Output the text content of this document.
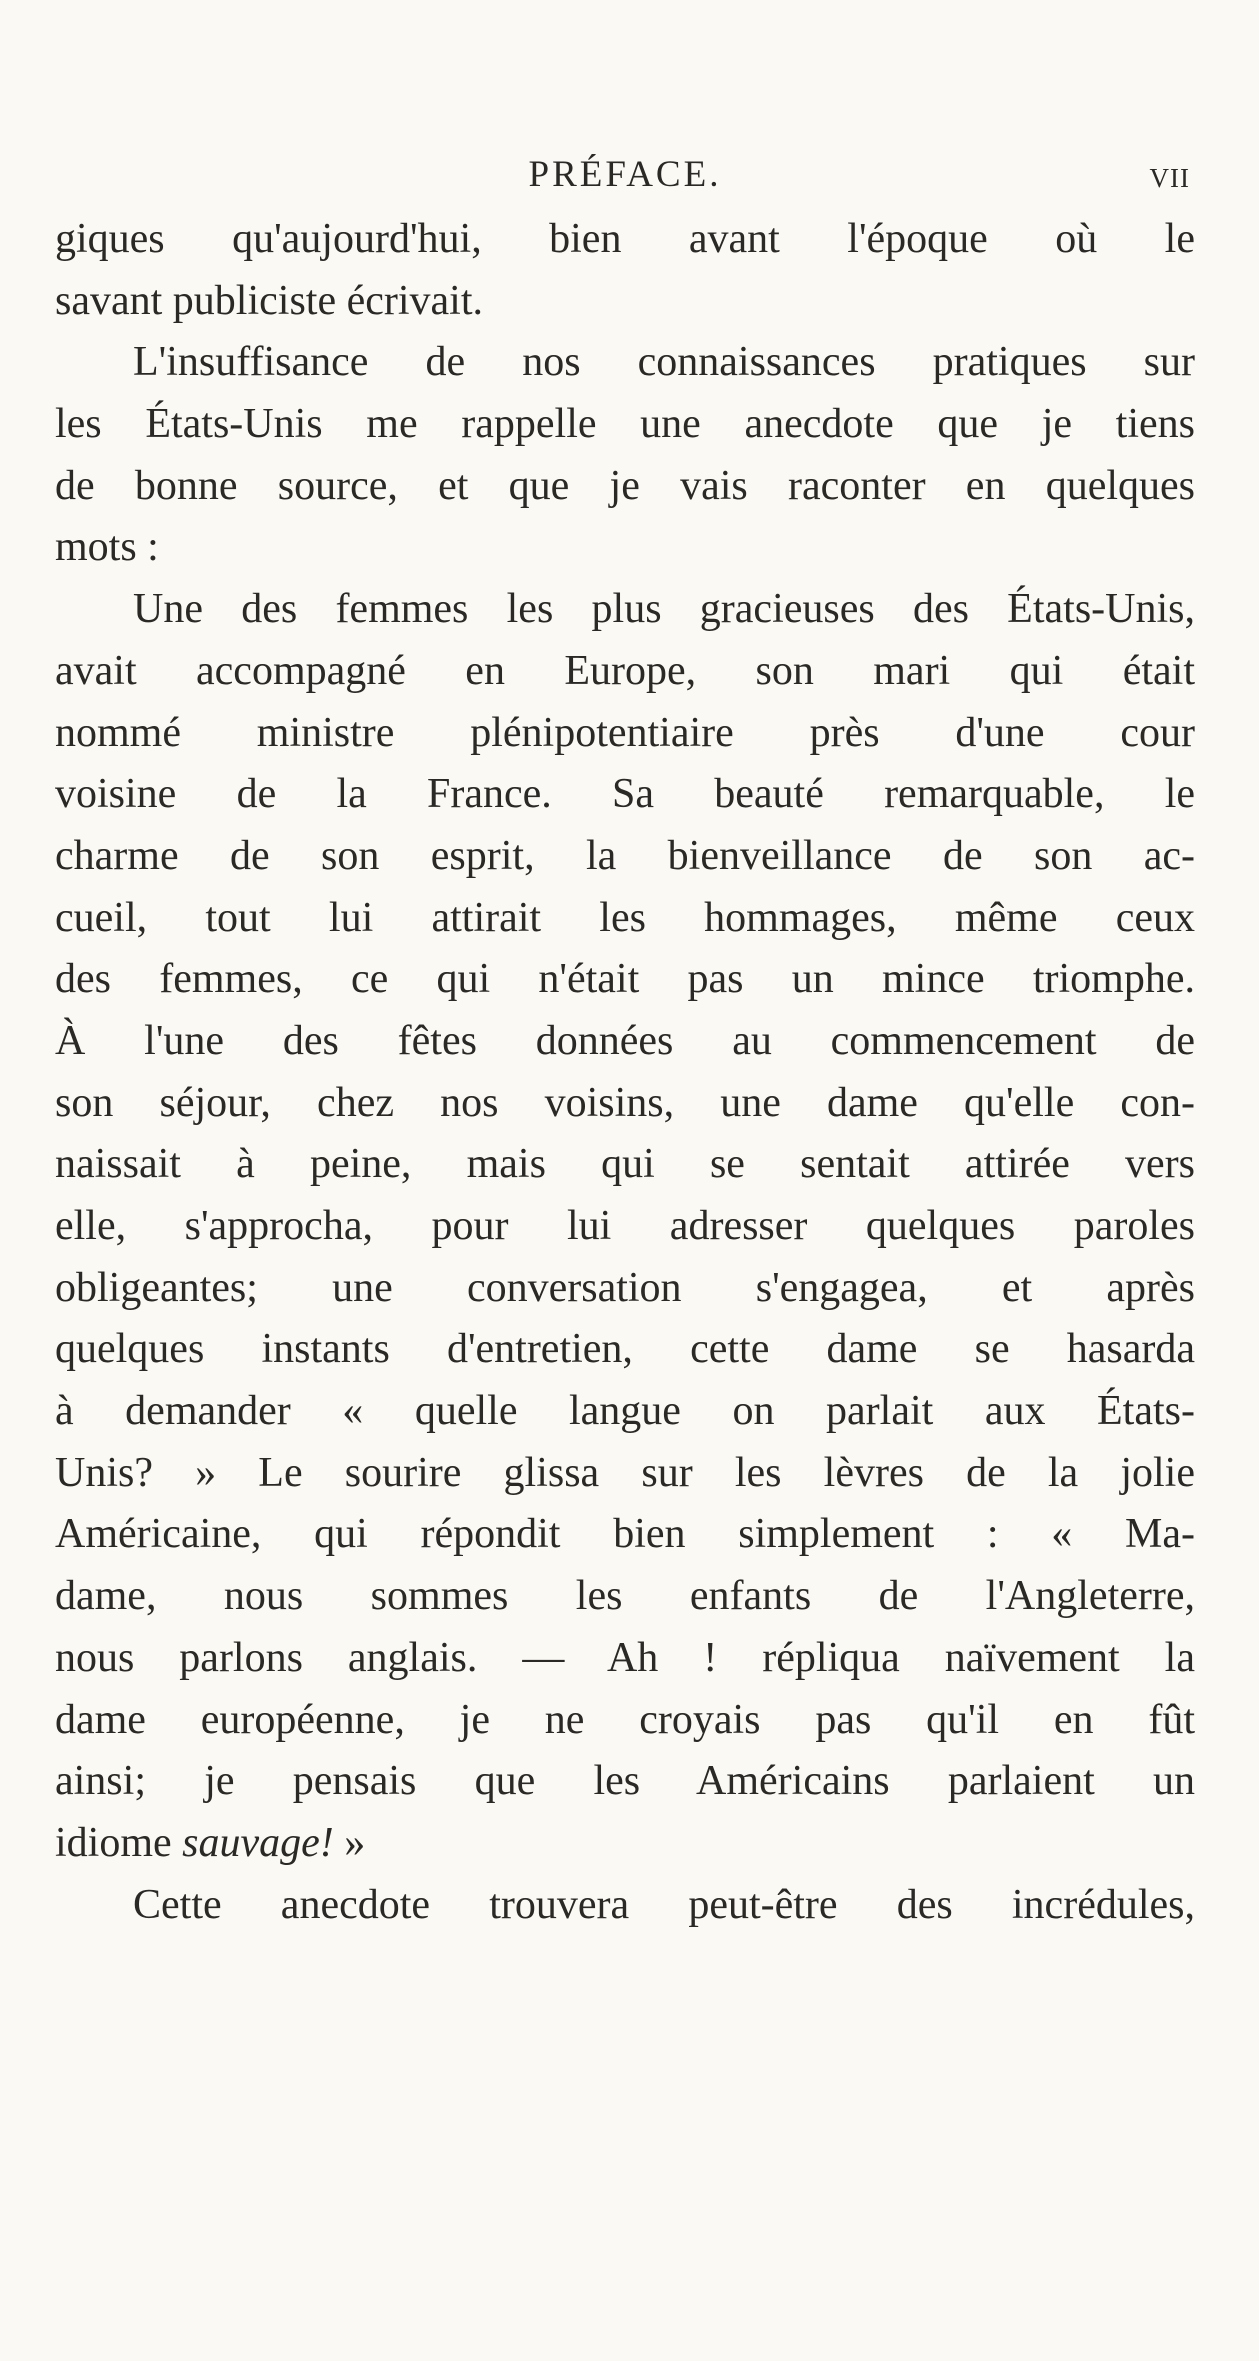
PRÉFACE.	VII
giques qu'aujourd'hui, bien avant l'époque où le
savant publiciste écrivait.
L'insuffisance de nos connaissances pratiques sur
les États-Unis me rappelle une anecdote que je tiens
de bonne source, et que je vais raconter en quelques
mots :
Une des femmes les plus gracieuses des États-Unis,
avait accompagné en Europe, son mari qui était
nommé ministre plénipotentiaire près d'une cour
voisine de la France. Sa beauté remarquable, le
charme de son esprit, la bienveillance de son ac-
cueil, tout lui attirait les hommages, même ceux
des femmes, ce qui n'était pas un mince triomphe.
À l'une des fêtes données au commencement de
son séjour, chez nos voisins, une dame qu'elle con-
naissait à peine, mais qui se sentait attirée vers
elle, s'approcha, pour lui adresser quelques paroles
obligeantes; une conversation s'engagea, et après
quelques instants d'entretien, cette dame se hasarda
à demander « quelle langue on parlait aux États-
Unis? » Le sourire glissa sur les lèvres de la jolie
Américaine, qui répondit bien simplement : « Ma-
dame, nous sommes les enfants de l'Angleterre,
nous parlons anglais. — Ah ! répliqua naïvement la
dame européenne, je ne croyais pas qu'il en fût
ainsi; je pensais que les Américains parlaient un
idiome sauvage! »
Cette anecdote trouvera peut-être des incrédules,
